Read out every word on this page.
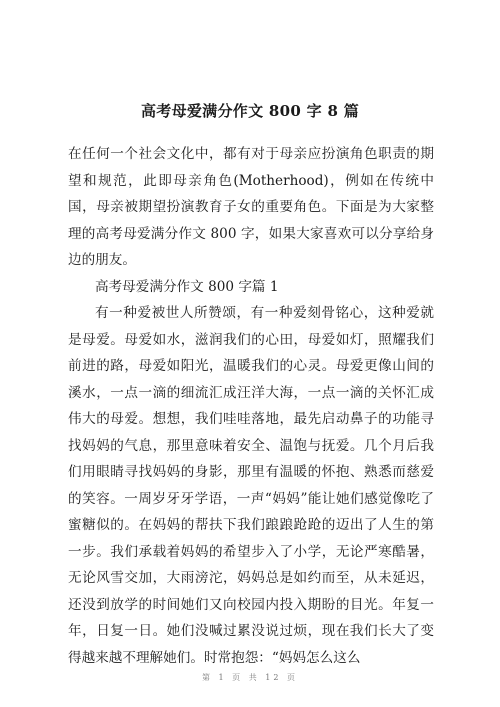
高考母爱满分作文 800 字 8 篇

在任何一个社会文化中，都有对于母亲应扮演角色职责的期望和规范，此即母亲角色(Motherhood)，例如在传统中国，母亲被期望扮演教育子女的重要角色。下面是为大家整理的高考母爱满分作文 800 字，如果大家喜欢可以分享给身边的朋友。

高考母爱满分作文 800 字篇 1

有一种爱被世人所赞颂，有一种爱刻骨铭心，这种爱就是母爱。母爱如水，滋润我们的心田，母爱如灯，照耀我们前进的路，母爱如阳光，温暖我们的心灵。母爱更像山间的溪水，一点一滴的细流汇成汪洋大海，一点一滴的关怀汇成伟大的母爱。想想，我们哇哇落地，最先启动鼻子的功能寻找妈妈的气息，那里意味着安全、温饱与抚爱。几个月后我们用眼睛寻找妈妈的身影，那里有温暖的怀抱、熟悉而慈爱的笑容。一周岁牙牙学语，一声“妈妈”能让她们感觉像吃了蜜糖似的。在妈妈的帮扶下我们踉踉跄跄的迈出了人生的第一步。我们承载着妈妈的希望步入了小学，无论严寒酷暑，无论风雪交加，大雨滂沱，妈妈总是如约而至，从未延迟，还没到放学的时间她们又向校园内投入期盼的目光。年复一年，日复一日。她们没喊过累没说过烦，现在我们长大了变得越来越不理解她们。时常抱怨：“妈妈怎么这么

第 1 页 共 12 页
